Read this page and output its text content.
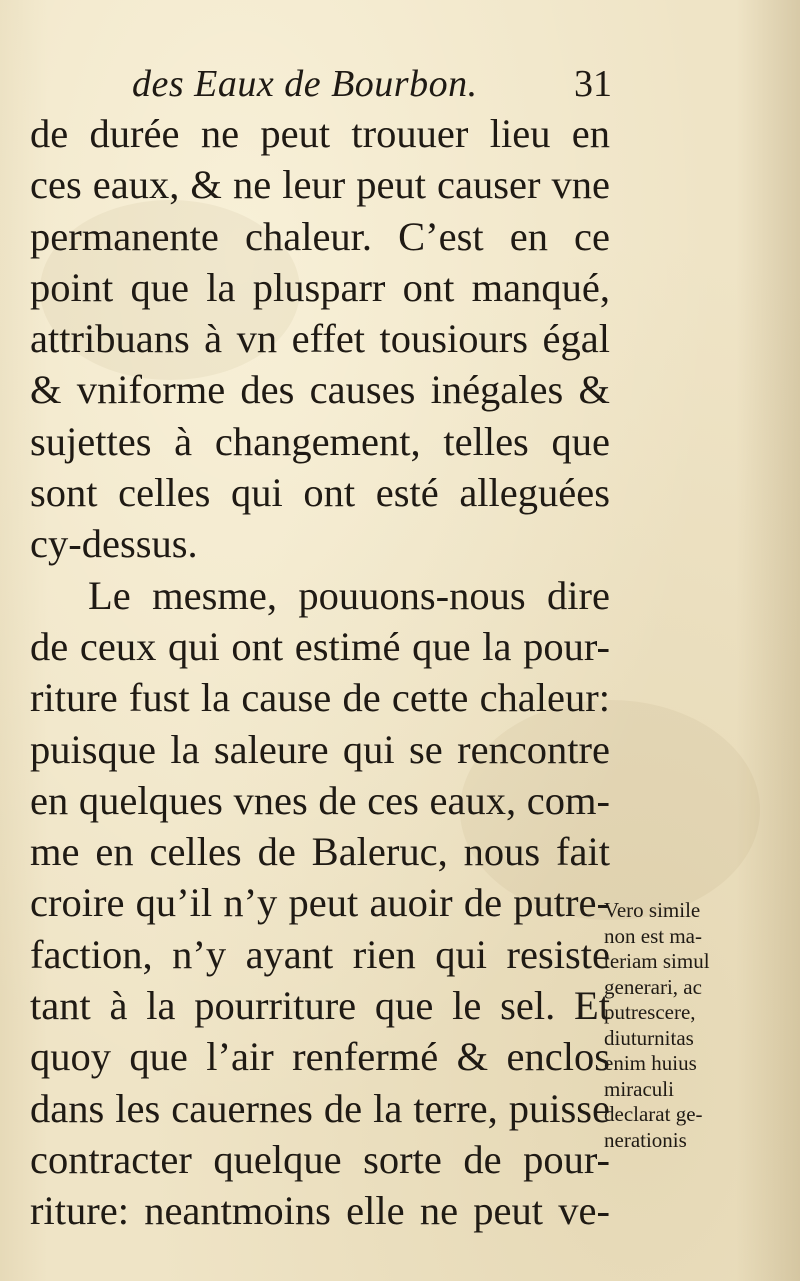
des Eaux de Bourbon.	31
de durée ne peut trouuer lieu en
ces eaux, & ne leur peut causer vne
permanente chaleur. C’est en ce
point que la plusparr ont manqué,
attribuans à vn effet tousiours égal
& vniforme des causes inégales &
sujettes à changement, telles que
sont celles qui ont esté alleguées
cy-dessus.
Le mesme, pouuons-nous dire
de ceux qui ont estimé que la pour-
riture fust la cause de cette chaleur:
puisque la saleure qui se rencontre
en quelques vnes de ces eaux, com-
me en celles de Baleruc, nous fait
croire qu’il n’y peut auoir de putre-
faction, n’y ayant rien qui resiste
tant à la pourriture que le sel. Et
quoy que l’air renfermé & enclos
dans les cauernes de la terre, puisse
contracter quelque sorte de pour-
riture: neantmoins elle ne peut ve-
Vero simile
non est ma-
teriam simul
generari, ac
putrescere,
diuturnitas
enim huius
miraculi
declarat ge-
nerationis
